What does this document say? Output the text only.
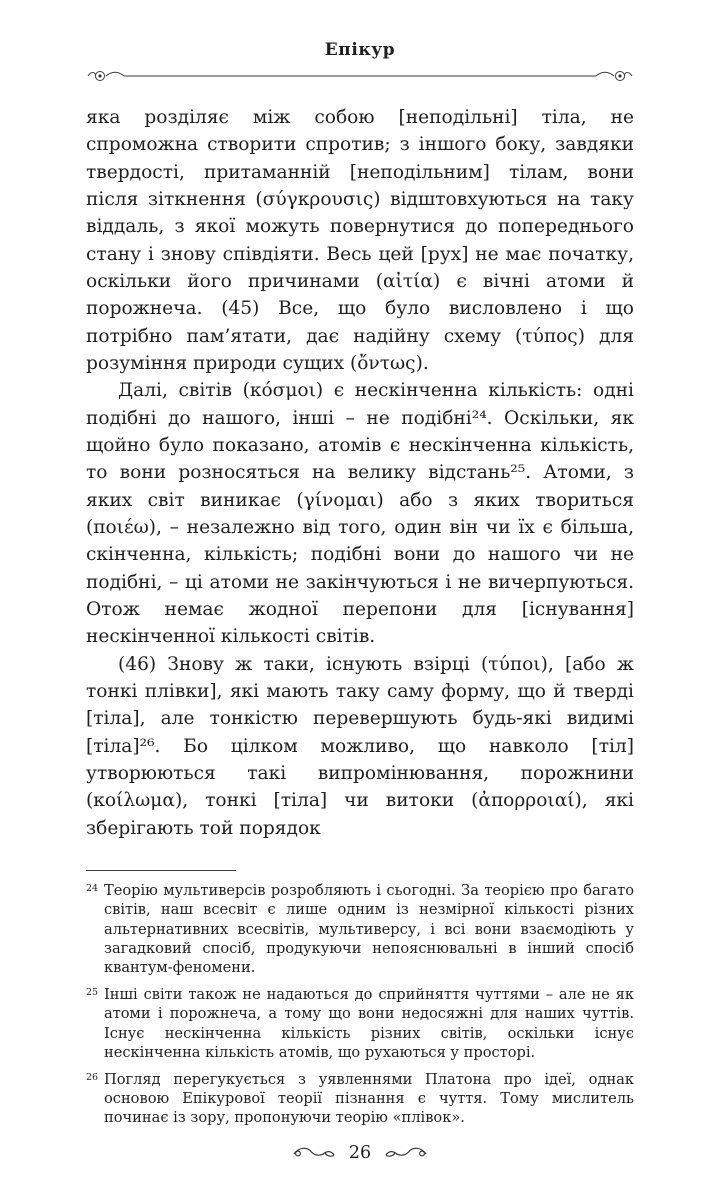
Епікур

яка розділяє між собою [неподільні] тіла, не спроможна створити спротив; з іншого боку, завдяки твердості, притаманній [неподільним] тілам, вони після зіткнення (σύγκρουσις) відштовхуються на таку віддаль, з якої можуть повернутися до попереднього стану і знову співдіяти. Весь цей [рух] не має початку, оскільки його причинами (αἰτία) є вічні атоми й порожнеча. (45) Все, що було висловлено і що потрібно пам’ятати, дає надійну схему (τύπος) для розуміння природи сущих (ὄντως).

Далі, світів (κόσμοι) є нескінченна кількість: одні подібні до нашого, інші – не подібні²⁴. Оскільки, як щойно було показано, атомів є нескінченна кількість, то вони розносяться на велику відстань²⁵. Атоми, з яких світ виникає (γίνομαι) або з яких твориться (ποιέω), – незалежно від того, один він чи їх є більша, скінченна, кількість; подібні вони до нашого чи не подібні, – ці атоми не закінчуються і не вичерпуються. Отож немає жодної перепони для [існування] нескінченної кількості світів.

(46) Знову ж таки, існують взірці (τύποι), [або ж тонкі плівки], які мають таку саму форму, що й тверді [тіла], але тонкістю перевершують будь-які видимі [тіла]²⁶. Бо цілком можливо, що навколо [тіл] утворюються такі випромінювання, порожнини (κοίλωμα), тонкі [тіла] чи витоки (ἀπορροιαί), які зберігають той порядок

24 Теорію мультиверсів розробляють і сьогодні. За теорією про багато світів, наш всесвіт є лише одним із незмірної кількості різних альтернативних всесвітів, мультиверсу, і всі вони взаємодіють у загадковий спосіб, продукуючи непояснювальні в інший спосіб квантум-феномени.
25 Інші світи також не надаються до сприйняття чуттями – але не як атоми і порожнеча, а тому що вони недосяжні для наших чуттів. Існує нескінченна кількість різних світів, оскільки існує нескінченна кількість атомів, що рухаються у просторі.
26 Погляд перегукується з уявленнями Платона про ідеї, однак основою Епікурової теорії пізнання є чуття. Тому мислитель починає із зору, пропонуючи теорію «плівок».
26
